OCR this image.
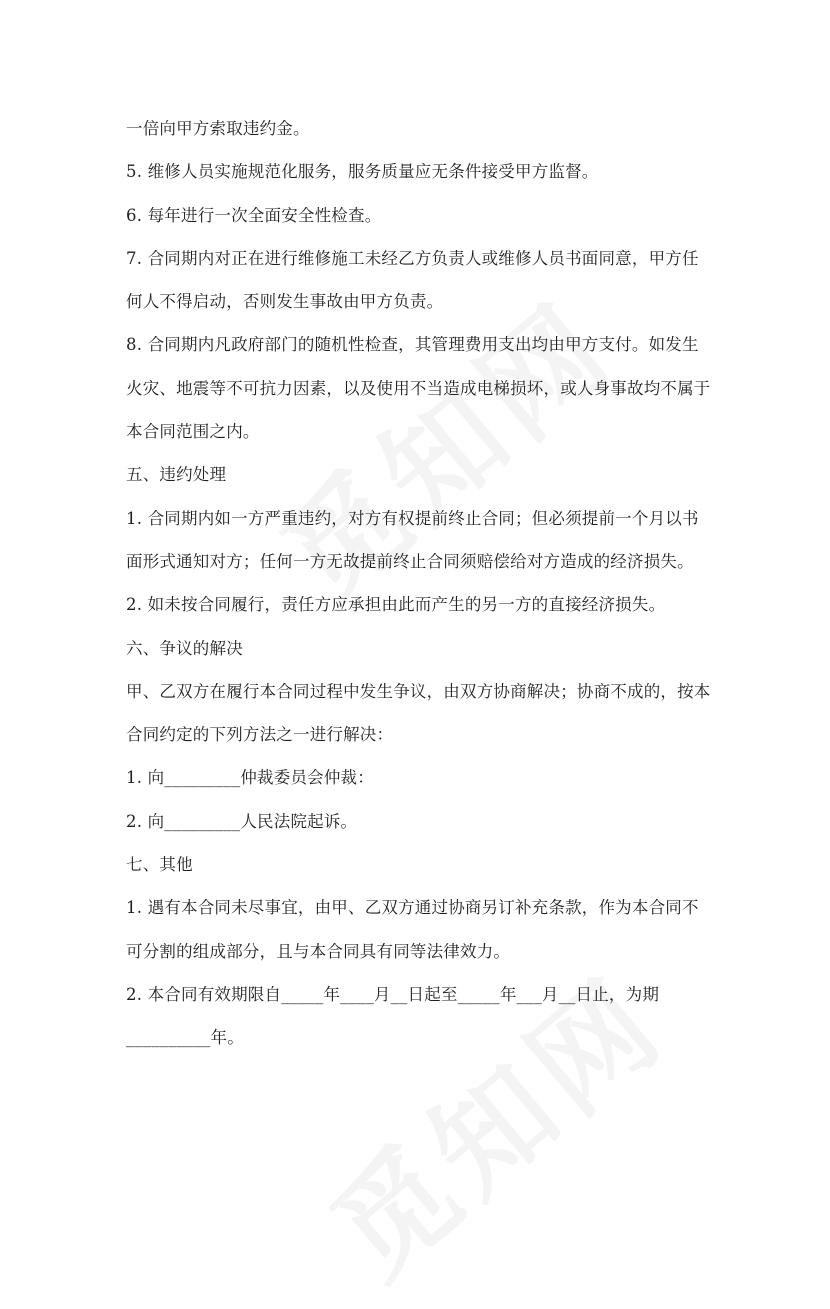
一倍向甲方索取违约金。
5. 维修人员实施规范化服务，服务质量应无条件接受甲方监督。
6. 每年进行一次全面安全性检查。
7. 合同期内对正在进行维修施工未经乙方负责人或维修人员书面同意，甲方任
何人不得启动，否则发生事故由甲方负责。
8. 合同期内凡政府部门的随机性检查，其管理费用支出均由甲方支付。如发生
火灾、地震等不可抗力因素，以及使用不当造成电梯损坏，或人身事故均不属于
本合同范围之内。
五、违约处理
1. 合同期内如一方严重违约，对方有权提前终止合同；但必须提前一个月以书
面形式通知对方；任何一方无故提前终止合同须赔偿给对方造成的经济损失。
2. 如未按合同履行，责任方应承担由此而产生的另一方的直接经济损失。
六、争议的解决
甲、乙双方在履行本合同过程中发生争议，由双方协商解决；协商不成的，按本
合同约定的下列方法之一进行解决：
1. 向_________仲裁委员会仲裁：
2. 向_________人民法院起诉。
七、其他
1. 遇有本合同未尽事宜，由甲、乙双方通过协商另订补充条款，作为本合同不
可分割的组成部分，且与本合同具有同等法律效力。
2. 本合同有效期限自_____年____月__日起至_____年___月__日止，为期
__________年。
